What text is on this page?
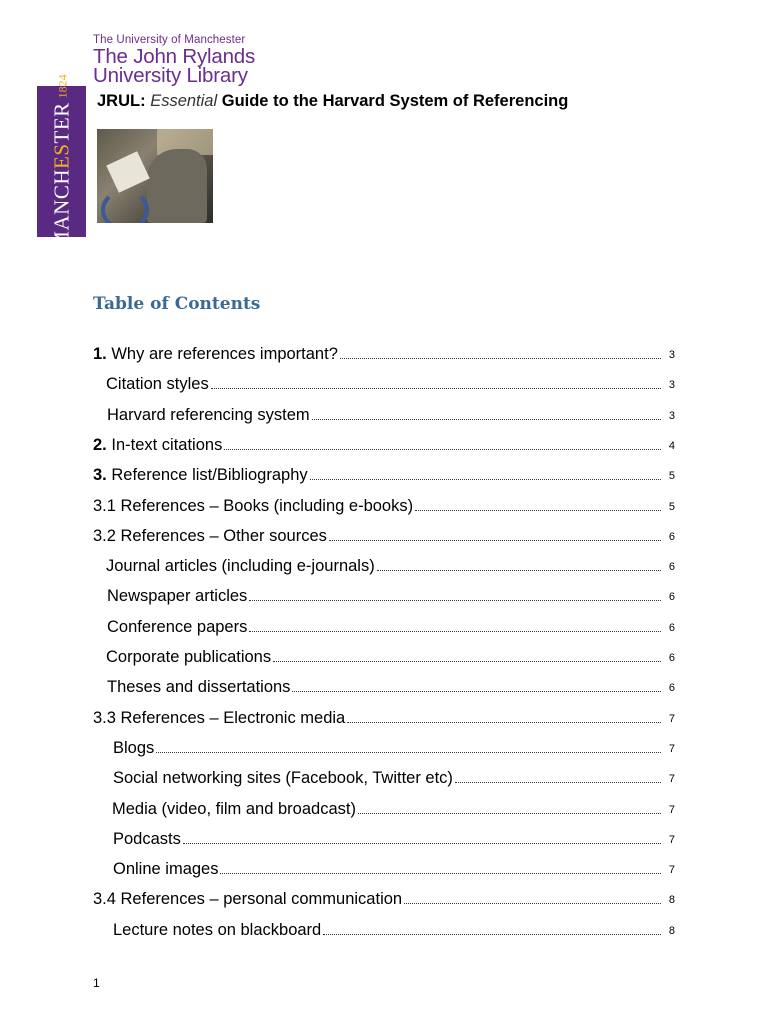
The University of Manchester
The John Rylands
University Library
MANCHESTER
1824
JRUL: Essential Guide to the Harvard System of Referencing
Table of Contents
1. Why are references important?	3
Citation styles	3
Harvard referencing system	3
2. In-text citations	4
3. Reference list/Bibliography	5
3.1 References – Books (including e-books)	5
3.2 References – Other sources	6
Journal articles (including e-journals)	6
Newspaper articles	6
Conference papers	6
Corporate publications	6
Theses and dissertations	6
3.3 References – Electronic media	7
Blogs	7
Social networking sites (Facebook, Twitter etc)	7
Media (video, film and broadcast)	7
Podcasts	7
Online images	7
3.4 References – personal communication	8
Lecture notes on blackboard	8
1
